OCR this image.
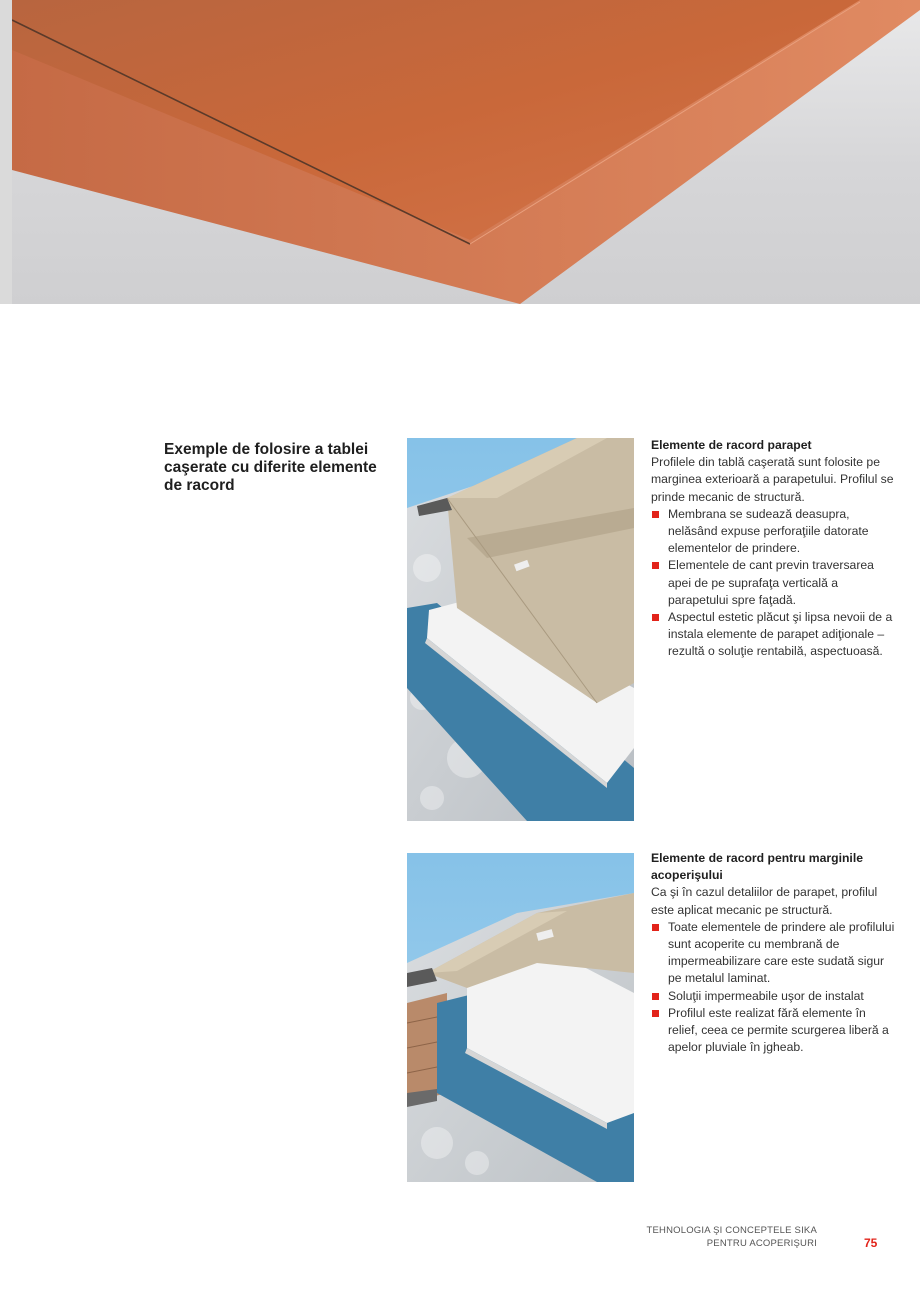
Exemple de folosire a tablei caşerate cu diferite elemente de racord

Elemente de racord parapet

Profilele din tablă caşerată sunt folosite pe marginea exterioară a parapetului. Profilul se prinde mecanic de structură.

Membrana se sudează deasupra, nelăsând expuse perforaţiile datorate elementelor de prindere.
Elementele de cant previn traversarea apei de pe suprafaţa verticală a parapetului spre faţadă.
Aspectul estetic plăcut şi lipsa nevoii de a instala elemente de parapet adiţionale – rezultă o soluţie rentabilă, aspectuoasă.

Elemente de racord pentru marginile acoperişului

Ca şi în cazul detaliilor de parapet, profilul este aplicat mecanic pe structură.

Toate elementele de prindere ale profilului sunt acoperite cu membrană de impermeabilizare care este sudată sigur pe metalul laminat.
Soluţii impermeabile uşor de instalat
Profilul este realizat fără elemente în relief, ceea ce permite scurgerea liberă a apelor pluviale în jgheab.
TEHNOLOGIA ŞI CONCEPTELE SIKA
PENTRU ACOPERIŞURI	75
